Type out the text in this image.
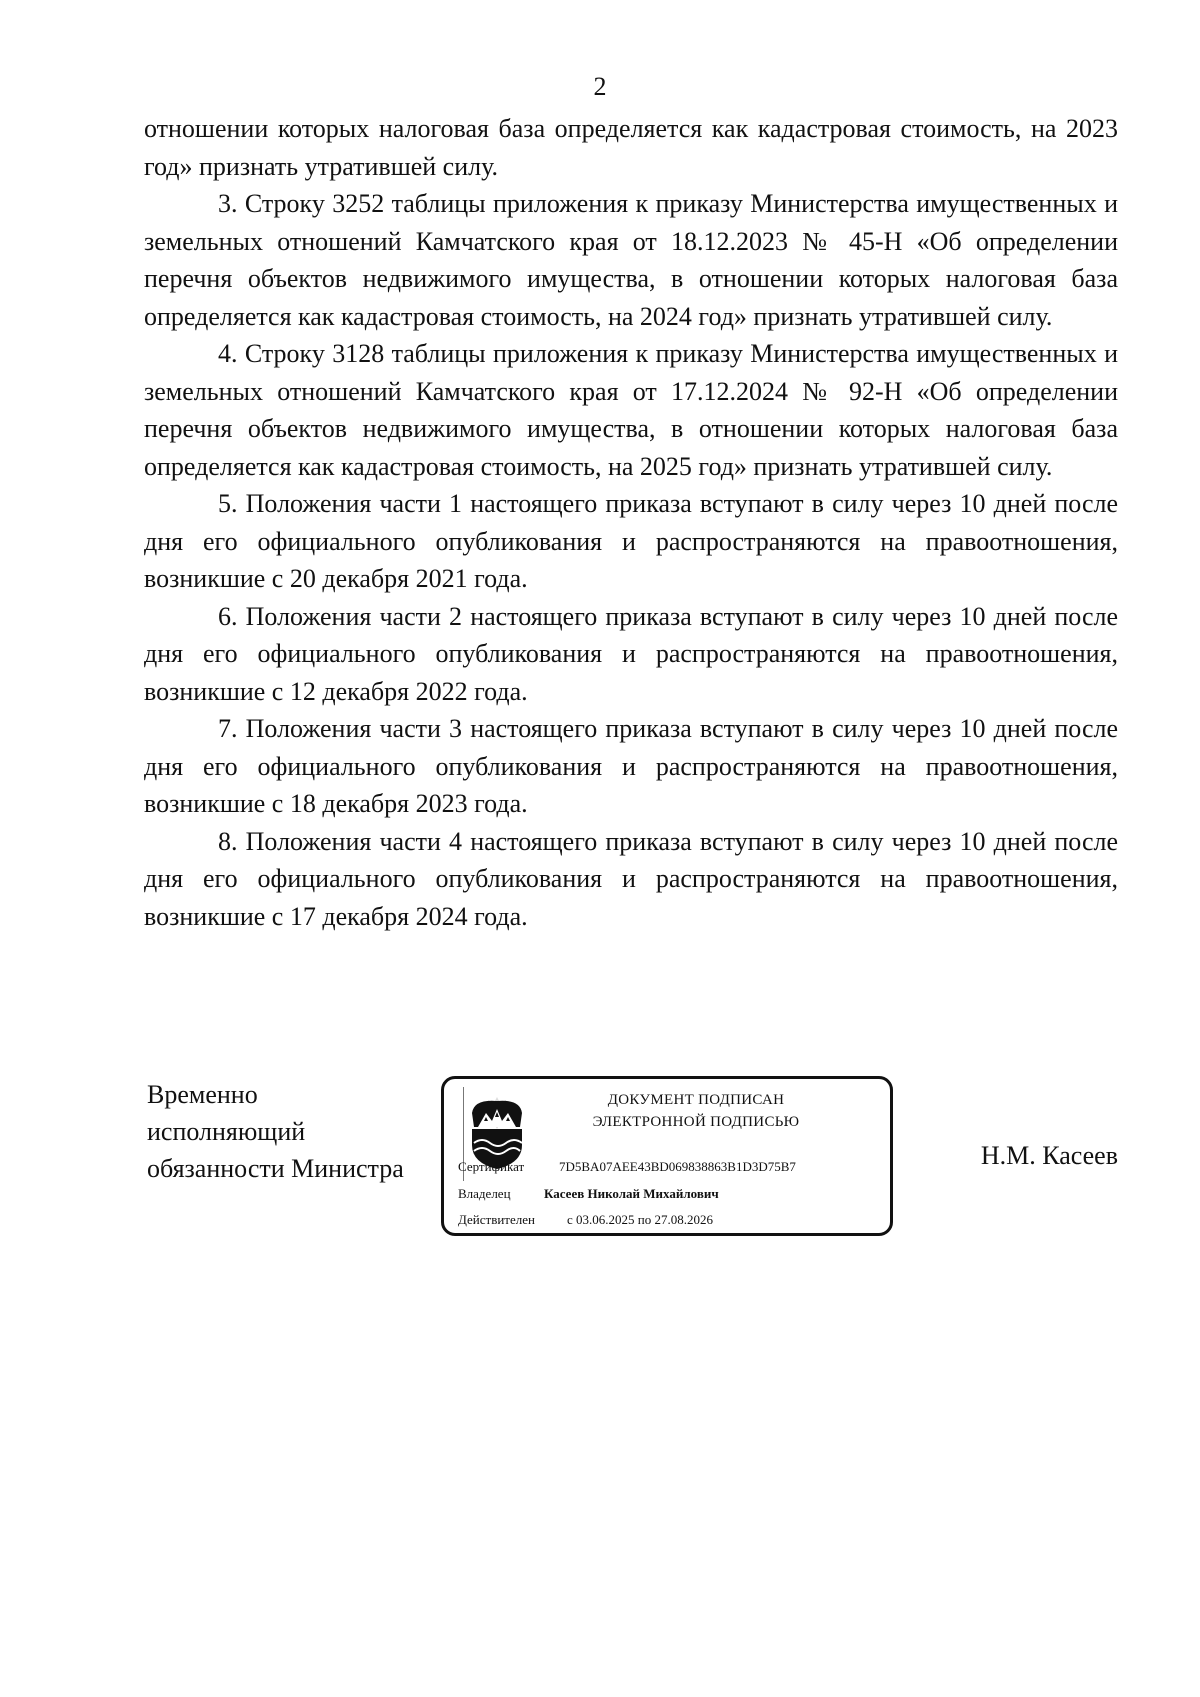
2

отношении которых налоговая база определяется как кадастровая стоимость, на 2023 год» признать утратившей силу.

3. Строку 3252 таблицы приложения к приказу Министерства имущественных и земельных отношений Камчатского края от 18.12.2023 № 45-Н «Об определении перечня объектов недвижимого имущества, в отношении которых налоговая база определяется как кадастровая стоимость, на 2024 год» признать утратившей силу.

4. Строку 3128 таблицы приложения к приказу Министерства имущественных и земельных отношений Камчатского края от 17.12.2024 № 92-Н «Об определении перечня объектов недвижимого имущества, в отношении которых налоговая база определяется как кадастровая стоимость, на 2025 год» признать утратившей силу.

5. Положения части 1 настоящего приказа вступают в силу через 10 дней после дня его официального опубликования и распространяются на правоотношения, возникшие с 20 декабря 2021 года.

6. Положения части 2 настоящего приказа вступают в силу через 10 дней после дня его официального опубликования и распространяются на правоотношения, возникшие с 12 декабря 2022 года.

7. Положения части 3 настоящего приказа вступают в силу через 10 дней после дня его официального опубликования и распространяются на правоотношения, возникшие с 18 декабря 2023 года.

8. Положения части 4 настоящего приказа вступают в силу через 10 дней после дня его официального опубликования и распространяются на правоотношения, возникшие с 17 декабря 2024 года.

Временно
исполняющий
обязанности Министра
ДОКУМЕНТ ПОДПИСАН
ЭЛЕКТРОННОЙ ПОДПИСЬЮ
Сертификат	7D5BA07AEE43BD069838863B1D3D75B7
Владелец	Касеев Николай Михайлович
Действителен с 03.06.2025 по 27.08.2026
Н.М. Касеев
